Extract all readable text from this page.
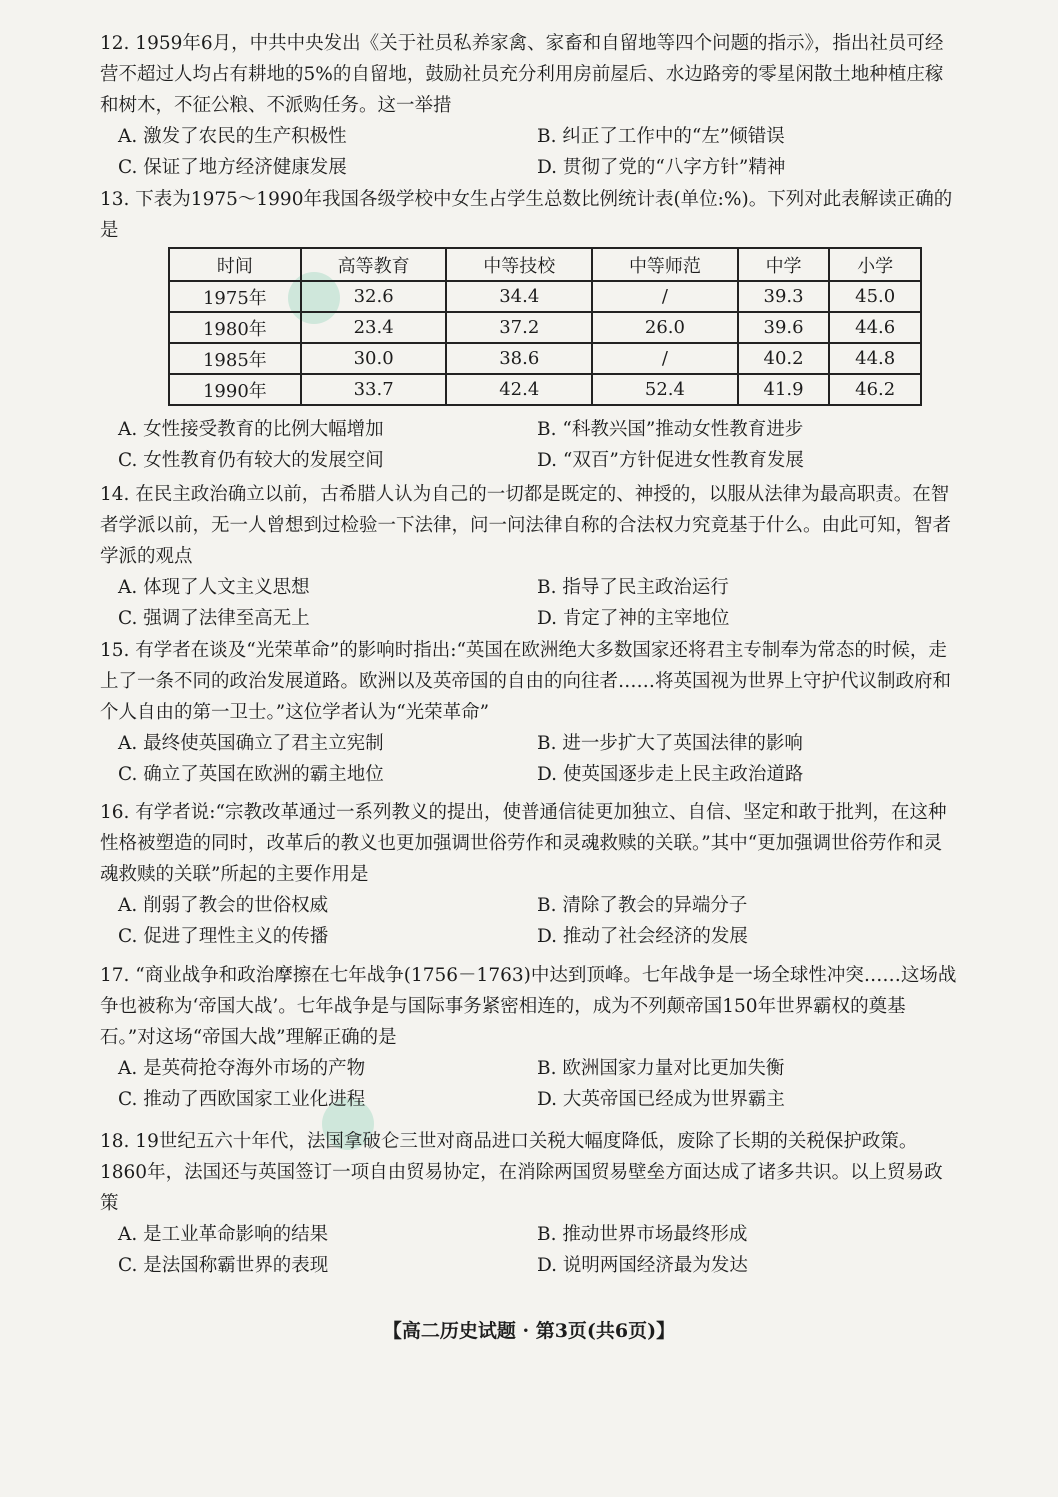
12. 1959年6月，中共中央发出《关于社员私养家禽、家畜和自留地等四个问题的指示》，指出社员可经营不超过人均占有耕地的5%的自留地，鼓励社员充分利用房前屋后、水边路旁的零星闲散土地种植庄稼和树木，不征公粮、不派购任务。这一举措

A. 激发了农民的生产积极性	B. 纠正了工作中的“左”倾错误
C. 保证了地方经济健康发展	D. 贯彻了党的“八字方针”精神

13. 下表为1975～1990年我国各级学校中女生占学生总数比例统计表(单位:%)。下列对此表解读正确的是

时间	高等教育	中等技校	中等师范	中学	小学
1975年	32.6	34.4	/	39.3	45.0
1980年	23.4	37.2	26.0	39.6	44.6
1985年	30.0	38.6	/	40.2	44.8
1990年	33.7	42.4	52.4	41.9	46.2
A. 女性接受教育的比例大幅增加	B. “科教兴国”推动女性教育进步
C. 女性教育仍有较大的发展空间	D. “双百”方针促进女性教育发展

14. 在民主政治确立以前，古希腊人认为自己的一切都是既定的、神授的，以服从法律为最高职责。在智者学派以前，无一人曾想到过检验一下法律，问一问法律自称的合法权力究竟基于什么。由此可知，智者学派的观点

A. 体现了人文主义思想	B. 指导了民主政治运行
C. 强调了法律至高无上	D. 肯定了神的主宰地位

15. 有学者在谈及“光荣革命”的影响时指出:“英国在欧洲绝大多数国家还将君主专制奉为常态的时候，走上了一条不同的政治发展道路。欧洲以及英帝国的自由的向往者……将英国视为世界上守护代议制政府和个人自由的第一卫士。”这位学者认为“光荣革命”

A. 最终使英国确立了君主立宪制	B. 进一步扩大了英国法律的影响
C. 确立了英国在欧洲的霸主地位	D. 使英国逐步走上民主政治道路

16. 有学者说:“宗教改革通过一系列教义的提出，使普通信徒更加独立、自信、坚定和敢于批判，在这种性格被塑造的同时，改革后的教义也更加强调世俗劳作和灵魂救赎的关联。”其中“更加强调世俗劳作和灵魂救赎的关联”所起的主要作用是

A. 削弱了教会的世俗权威	B. 清除了教会的异端分子
C. 促进了理性主义的传播	D. 推动了社会经济的发展

17. “商业战争和政治摩擦在七年战争(1756－1763)中达到顶峰。七年战争是一场全球性冲突……这场战争也被称为‘帝国大战’。七年战争是与国际事务紧密相连的，成为不列颠帝国150年世界霸权的奠基石。”对这场“帝国大战”理解正确的是

A. 是英荷抢夺海外市场的产物	B. 欧洲国家力量对比更加失衡
C. 推动了西欧国家工业化进程	D. 大英帝国已经成为世界霸主

18. 19世纪五六十年代，法国拿破仑三世对商品进口关税大幅度降低，废除了长期的关税保护政策。1860年，法国还与英国签订一项自由贸易协定，在消除两国贸易壁垒方面达成了诸多共识。以上贸易政策

A. 是工业革命影响的结果	B. 推动世界市场最终形成
C. 是法国称霸世界的表现	D. 说明两国经济最为发达
【高二历史试题 · 第3页(共6页)】
